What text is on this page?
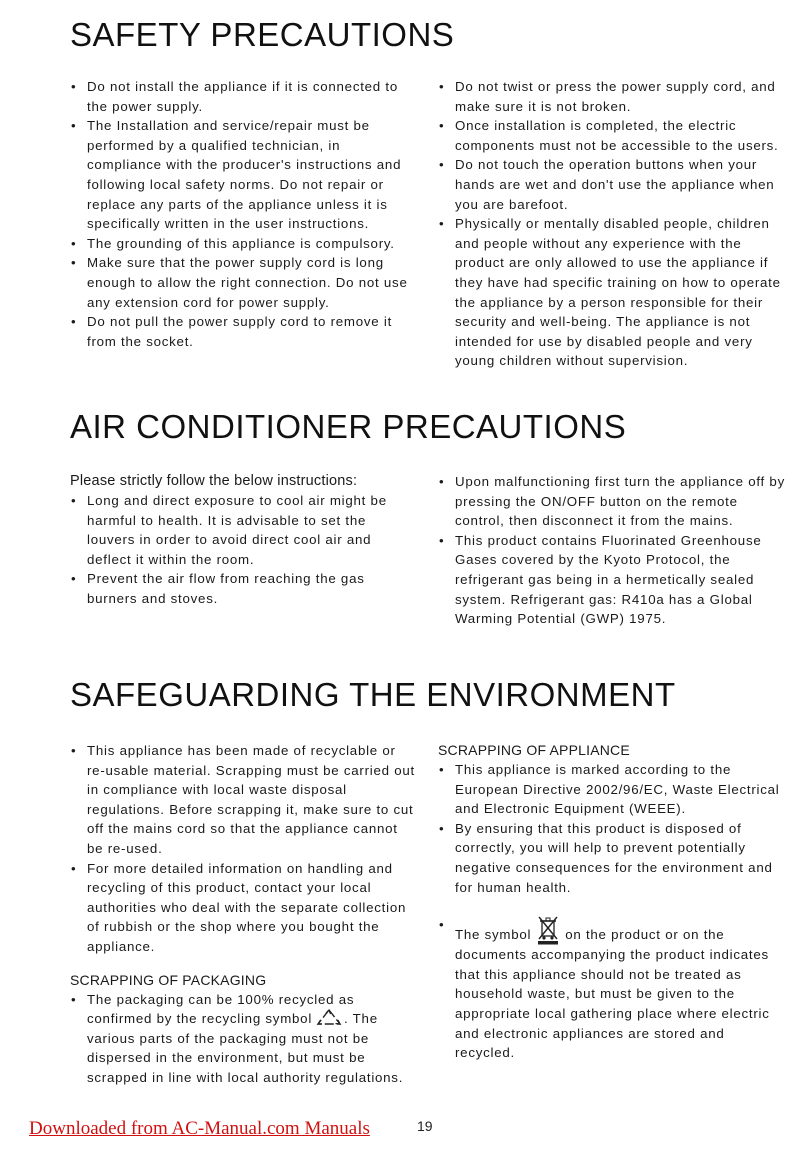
SAFETY PRECAUTIONS
• Do not install the appliance if it is connected to the power supply.
• The Installation and service/repair must be performed by a qualified technician, in compliance with the producer's instructions and following local safety norms. Do not repair or replace any parts of the appliance unless it is specifically written in the user instructions.
• The grounding of this appliance is compulsory.
• Make sure that the power supply cord is long enough to allow the right connection. Do not use any extension cord for power supply.
• Do not pull the power supply cord to remove it from the socket.
• Do not twist or press the power supply cord, and make sure it is not broken.
• Once installation is completed, the electric components must not be accessible to the users.
• Do not touch the operation buttons when your hands are wet and don't use the appliance when you are barefoot.
• Physically or mentally disabled people, children and people without any experience with the product are only allowed to use the appliance if they have had specific training on how to operate the appliance by a person responsible for their security and well-being. The appliance is not intended for use by disabled people and very young children without supervision.
AIR CONDITIONER PRECAUTIONS
Please strictly follow the below instructions:
• Long and direct exposure to cool air might be harmful to health. It is advisable to set the louvers in order to avoid direct cool air and deflect it within the room.
• Prevent the air flow from reaching the gas burners and stoves.
• Upon malfunctioning first turn the appliance off by pressing the ON/OFF button on the remote control, then disconnect it from the mains.
• This product contains Fluorinated Greenhouse Gases covered by the Kyoto Protocol, the refrigerant gas being in a hermetically sealed system. Refrigerant gas: R410a has a Global Warming Potential (GWP) 1975.
SAFEGUARDING THE ENVIRONMENT
• This appliance has been made of recyclable or re-usable material. Scrapping must be carried out in compliance with local waste disposal regulations. Before scrapping it, make sure to cut off the mains cord so that the appliance cannot be re-used.
• For more detailed information on handling and recycling of this product, contact your local authorities who deal with the separate collection of rubbish or the shop where you bought the appliance.
SCRAPPING OF PACKAGING
• The packaging can be 100% recycled as confirmed by the recycling symbol . The various parts of the packaging must not be dispersed in the environment, but must be scrapped in line with local authority regulations.
SCRAPPING OF APPLIANCE
• This appliance is marked according to the European Directive 2002/96/EC, Waste Electrical and Electronic Equipment (WEEE).
• By ensuring that this product is disposed of correctly, you will help to prevent potentially negative consequences for the environment and for human health.
• The symbol	on the product or on the documents accompanying the product indicates that this appliance should not be treated as household waste, but must be given to the appropriate local gathering place where electric and electronic appliances are stored and recycled.
Downloaded from AC-Manual.com Manuals	19
